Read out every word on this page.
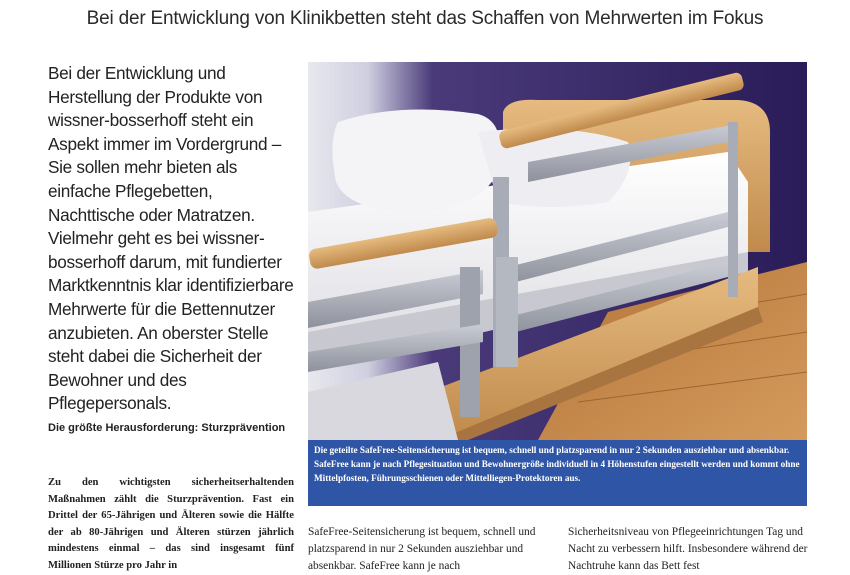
Bei der Entwicklung von Klinikbetten steht das Schaffen von Mehrwerten im Fokus

Bei der Entwicklung und Herstellung der Produkte von wissner-bosserhoff steht ein Aspekt immer im Vordergrund – Sie sollen mehr bieten als einfache Pflegebetten, Nachttische oder Matratzen. Vielmehr geht es bei wissner-bosserhoff darum, mit fundierter Marktkenntnis klar identifizierbare Mehrwerte für die Bettennutzer anzubieten. An oberster Stelle steht dabei die Sicherheit der Bewohner und des Pflegepersonals.

Die größte Herausforderung: Sturzprävention
Zu den wichtigsten sicherheitserhaltenden Maßnahmen zählt die Sturzprävention. Fast ein Drittel der 65-Jährigen und Älteren sowie die Hälfte der ab 80-Jährigen und Älteren stürzen jährlich mindestens einmal – das sind insgesamt fünf Millionen Stürze pro Jahr in
Die geteilte SafeFree-Seitensicherung ist bequem, schnell und platzsparend in nur 2 Sekunden ausziehbar und absenkbar. SafeFree kann je nach Pflegesituation und Bewohnergröße individuell in 4 Höhenstufen eingestellt werden und kommt ohne Mittelpfosten, Führungsschienen oder Mittelliegen-Protektoren aus.
SafeFree-Seitensicherung ist bequem, schnell und platzsparend in nur 2 Sekunden ausziehbar und absenkbar. SafeFree kann je nach
Sicherheitsniveau von Pflegeeinrichtungen Tag und Nacht zu verbessern hilft. Insbesondere während der Nachtruhe kann das Bett fest
